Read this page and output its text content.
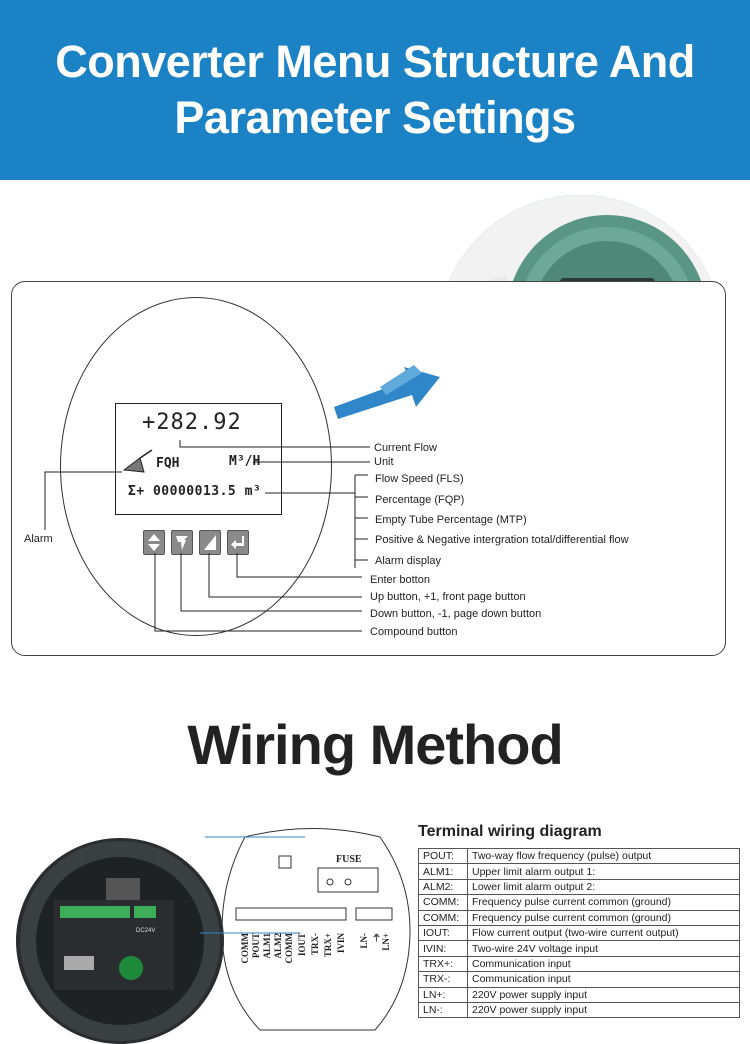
Converter Menu Structure And
Parameter Settings
+282.92
FQH	M³/H
Σ+ 00000013.5 m³
Alarm
Current Flow
Unit
Flow Speed (FLS)
Percentage (FQP)
Empty Tube Percentage (MTP)
Positive & Negative intergration total/differential flow
Alarm display
Enter botton
Up button, +1, front page button
Down button, -1, page down button
Compound button
Wiring Method
DC24V
FUSE
COMM POUT ALM1 ALM2 COMM IOUT TRX- TRX+ IVIN LN- ⏚ LN+
Terminal wiring diagram
POUT:	Two-way flow frequency (pulse) output
ALM1:	Upper limit alarm output 1:
ALM2:	Lower limit alarm output 2:
COMM:	Frequency pulse current common (ground)
COMM:	Frequency pulse current common (ground)
IOUT:	Flow current output (two-wire current output)
IVIN:	Two-wire 24V voltage input
TRX+:	Communication input
TRX-:	Communication input
LN+:	220V power supply input
LN-:	220V power supply input
